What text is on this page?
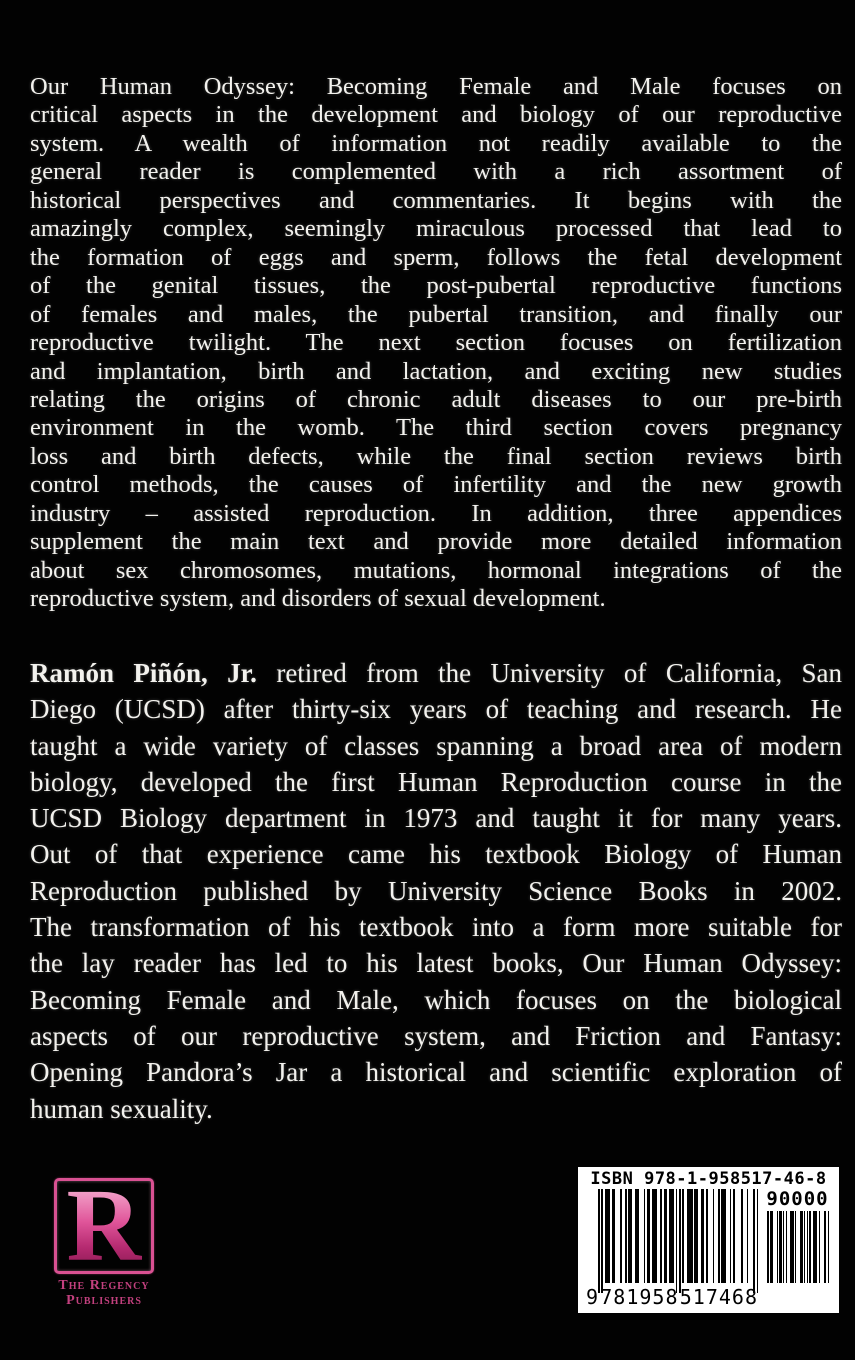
Our Human Odyssey: Becoming Female and Male focuses on
critical aspects in the development and biology of our reproductive
system. A wealth of information not readily available to the
general reader is complemented with a rich assortment of
historical perspectives and commentaries. It begins with the
amazingly complex, seemingly miraculous processed that lead to
the formation of eggs and sperm, follows the fetal development
of the genital tissues, the post-pubertal reproductive functions
of females and males, the pubertal transition, and finally our
reproductive twilight. The next section focuses on fertilization
and implantation, birth and lactation, and exciting new studies
relating the origins of chronic adult diseases to our pre-birth
environment in the womb. The third section covers pregnancy
loss and birth defects, while the final section reviews birth
control methods, the causes of infertility and the new growth
industry – assisted reproduction. In addition, three appendices
supplement the main text and provide more detailed information
about sex chromosomes, mutations, hormonal integrations of the
reproductive system, and disorders of sexual development.
Ramón Piñón, Jr. retired from the University of California, San
Diego (UCSD) after thirty-six years of teaching and research. He
taught a wide variety of classes spanning a broad area of modern
biology, developed the first Human Reproduction course in the
UCSD Biology department in 1973 and taught it for many years.
Out of that experience came his textbook Biology of Human
Reproduction published by University Science Books in 2002.
The transformation of his textbook into a form more suitable for
the lay reader has led to his latest books, Our Human Odyssey:
Becoming Female and Male, which focuses on the biological
aspects of our reproductive system, and Friction and Fantasy:
Opening Pandora’s Jar a historical and scientific exploration of
human sexuality.
R
The Regency
Publishers
ISBN 978-1-958517-46-8
9 781958 517468
90000
